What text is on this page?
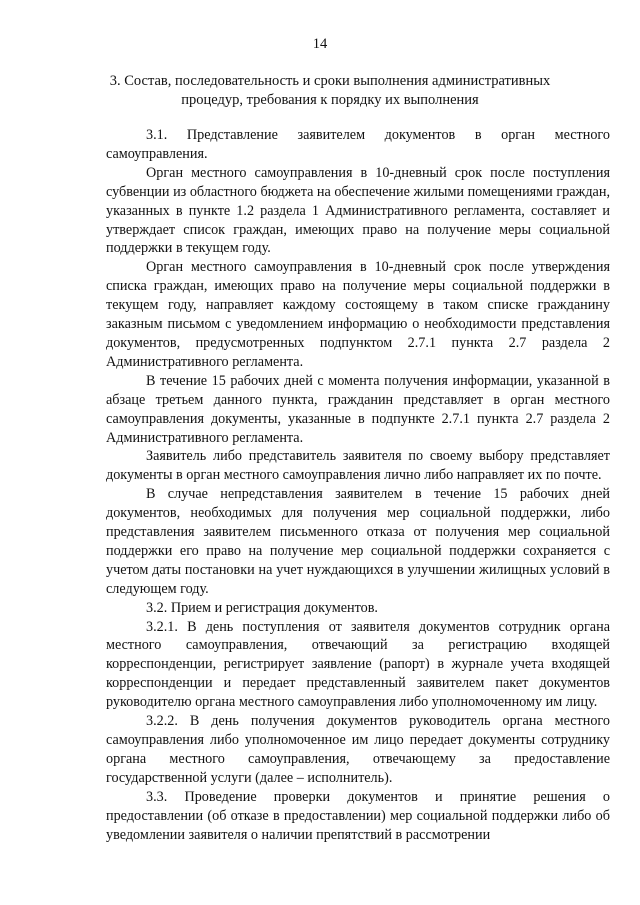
14
3. Состав, последовательность и сроки выполнения административных процедур, требования к порядку их выполнения

3.1. Представление заявителем документов в орган местного самоуправления.

Орган местного самоуправления в 10-дневный срок после поступления субвенции из областного бюджета на обеспечение жилыми помещениями граждан, указанных в пункте 1.2 раздела 1 Административного регламента, составляет и утверждает список граждан, имеющих право на получение меры социальной поддержки в текущем году.

Орган местного самоуправления в 10-дневный срок после утверждения списка граждан, имеющих право на получение меры социальной поддержки в текущем году, направляет каждому состоящему в таком списке гражданину заказным письмом с уведомлением информацию о необходимости представления документов, предусмотренных подпунктом 2.7.1 пункта 2.7 раздела 2 Административного регламента.

В течение 15 рабочих дней с момента получения информации, указанной в абзаце третьем данного пункта, гражданин представляет в орган местного самоуправления документы, указанные в подпункте 2.7.1 пункта 2.7 раздела 2 Административного регламента.

Заявитель либо представитель заявителя по своему выбору представляет документы в орган местного самоуправления лично либо направляет их по почте.

В случае непредставления заявителем в течение 15 рабочих дней документов, необходимых для получения мер социальной поддержки, либо представления заявителем письменного отказа от получения мер социальной поддержки его право на получение мер социальной поддержки сохраняется с учетом даты постановки на учет нуждающихся в улучшении жилищных условий в следующем году.

3.2. Прием и регистрация документов.

3.2.1. В день поступления от заявителя документов сотрудник органа местного самоуправления, отвечающий за регистрацию входящей корреспонденции, регистрирует заявление (рапорт) в журнале учета входящей корреспонденции и передает представленный заявителем пакет документов руководителю органа местного самоуправления либо уполномоченному им лицу.

3.2.2. В день получения документов руководитель органа местного самоуправления либо уполномоченное им лицо передает документы сотруднику органа местного самоуправления, отвечающему за предоставление государственной услуги (далее – исполнитель).

3.3. Проведение проверки документов и принятие решения о предоставлении (об отказе в предоставлении) мер социальной поддержки либо об уведомлении заявителя о наличии препятствий в рассмотрении
